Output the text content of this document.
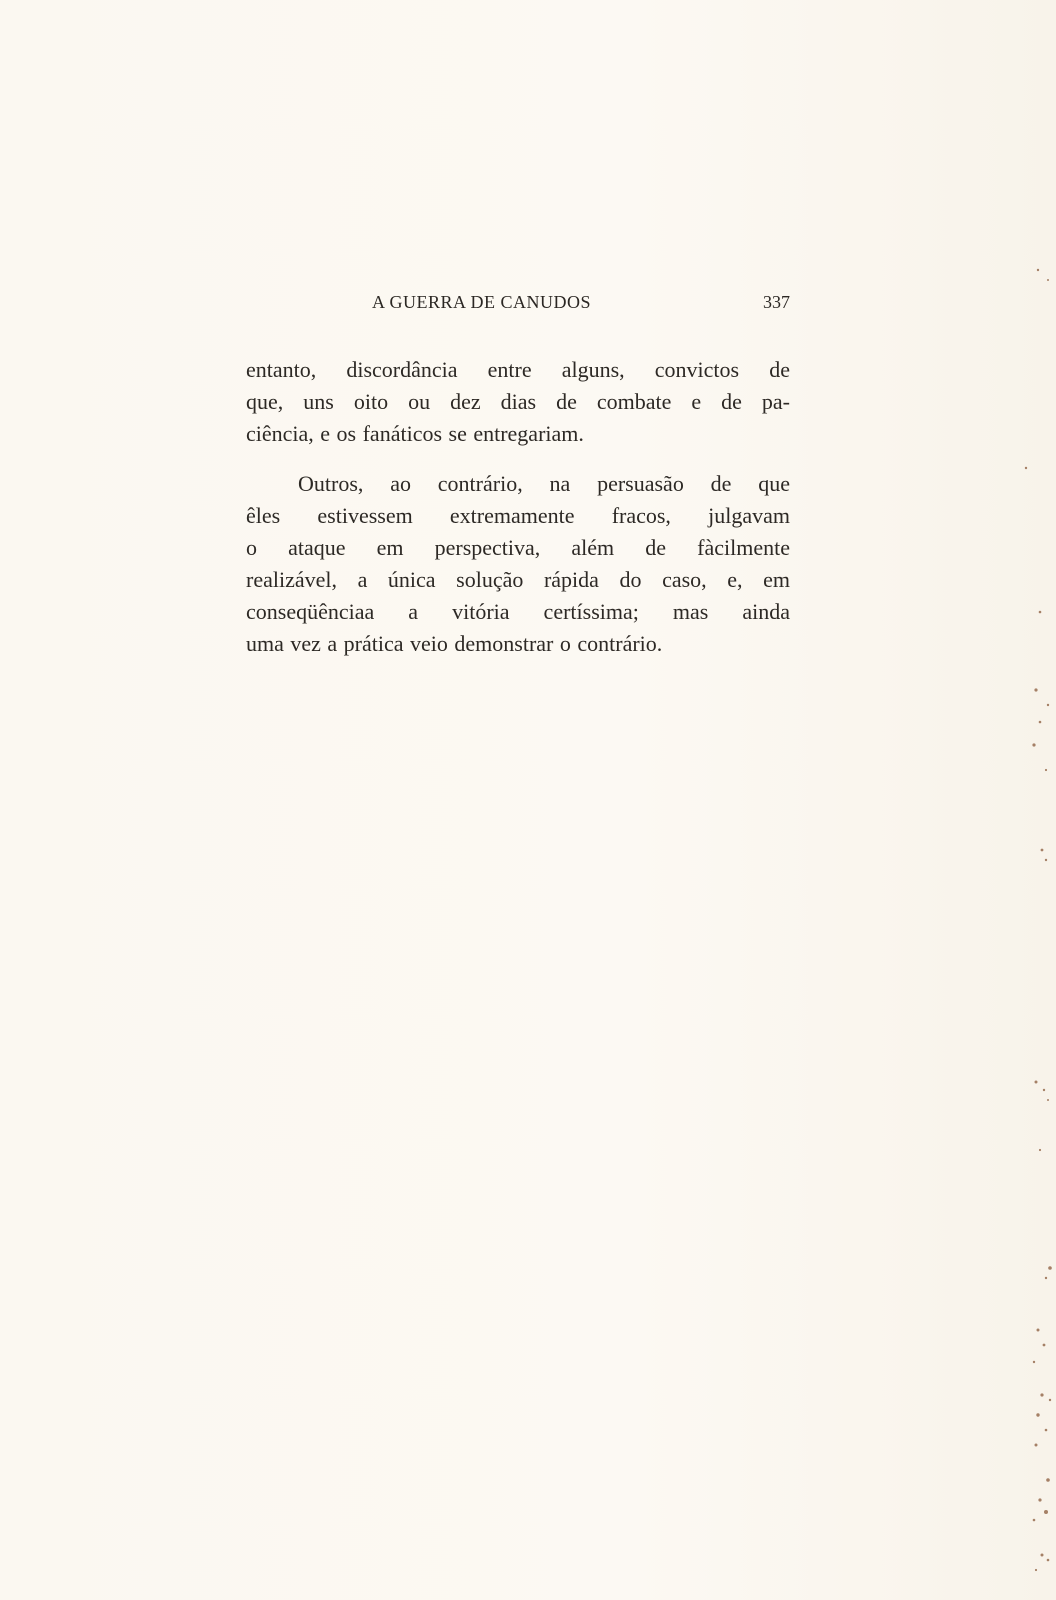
A GUERRA DE CANUDOS	337

entanto, discordância entre alguns, convictos de
que, uns oito ou dez dias de combate e de pa-
ciência, e os fanáticos se entregariam.

Outros, ao contrário, na persuasão de que
êles estivessem extremamente fracos, julgavam
o ataque em perspectiva, além de fàcilmente
realizável, a única solução rápida do caso, e, em
conseqüênciaa a vitória certíssima; mas ainda
uma vez a prática veio demonstrar o contrário.
